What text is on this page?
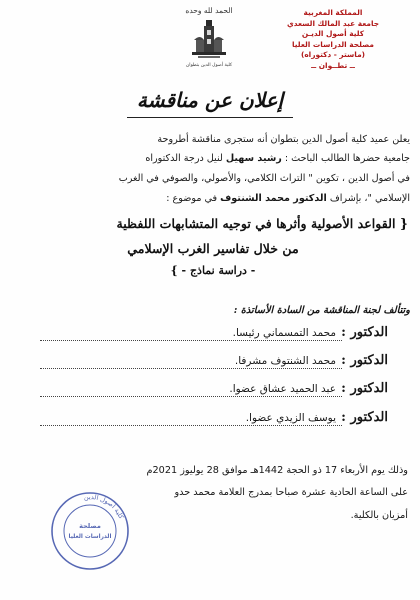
المملكة المغربية
جامعة عبد المالك السعدي
كلية أصول الديـن
مصلحة الدراسات العليا
(ماستر - دكتوراه)
ــ تطــوان ــ
الحمد لله وحده
كلية أصول الدين بتطوان
إعلان عن مناقشة
يعلن عميد كلية أصول الدين بتطوان أنه ستجرى مناقشة أطروحة
جامعية حضرها الطالب الباحث : رشيد سهيل لنيل درجة الدكتوراه
في أصول الدين ، تكوين " التراث الكلامي، والأصولي، والصوفي في الغرب
الإسلامي "، بإشراف الدكتور محمد الشنتوف في موضوع :
{ القواعد الأصولية وأثرها في توجيه المتشابهات اللفظية
من خلال تفاسير الغرب الإسلامي
- دراسة نماذج - }
وتتألف لجنة المناقشة من السادة الأساتذة :
الدكتور :
محمد التمسماني رئيسا.
الدكتور :
محمد الشنتوف مشرفا.
الدكتور :
عبد الحميد عشاق عضوا.
الدكتور :
يوسف الزيدي عضوا.
وذلك يوم الأربعاء 17 ذو الحجة 1442هـ موافق 28 يوليوز 2021م
على الساعة الحادية عشرة صباحا بمدرج العلامة محمد حدو
أمزيان بالكلية.
كلية أصول الدين
مصلحة
الدراسات العليا
